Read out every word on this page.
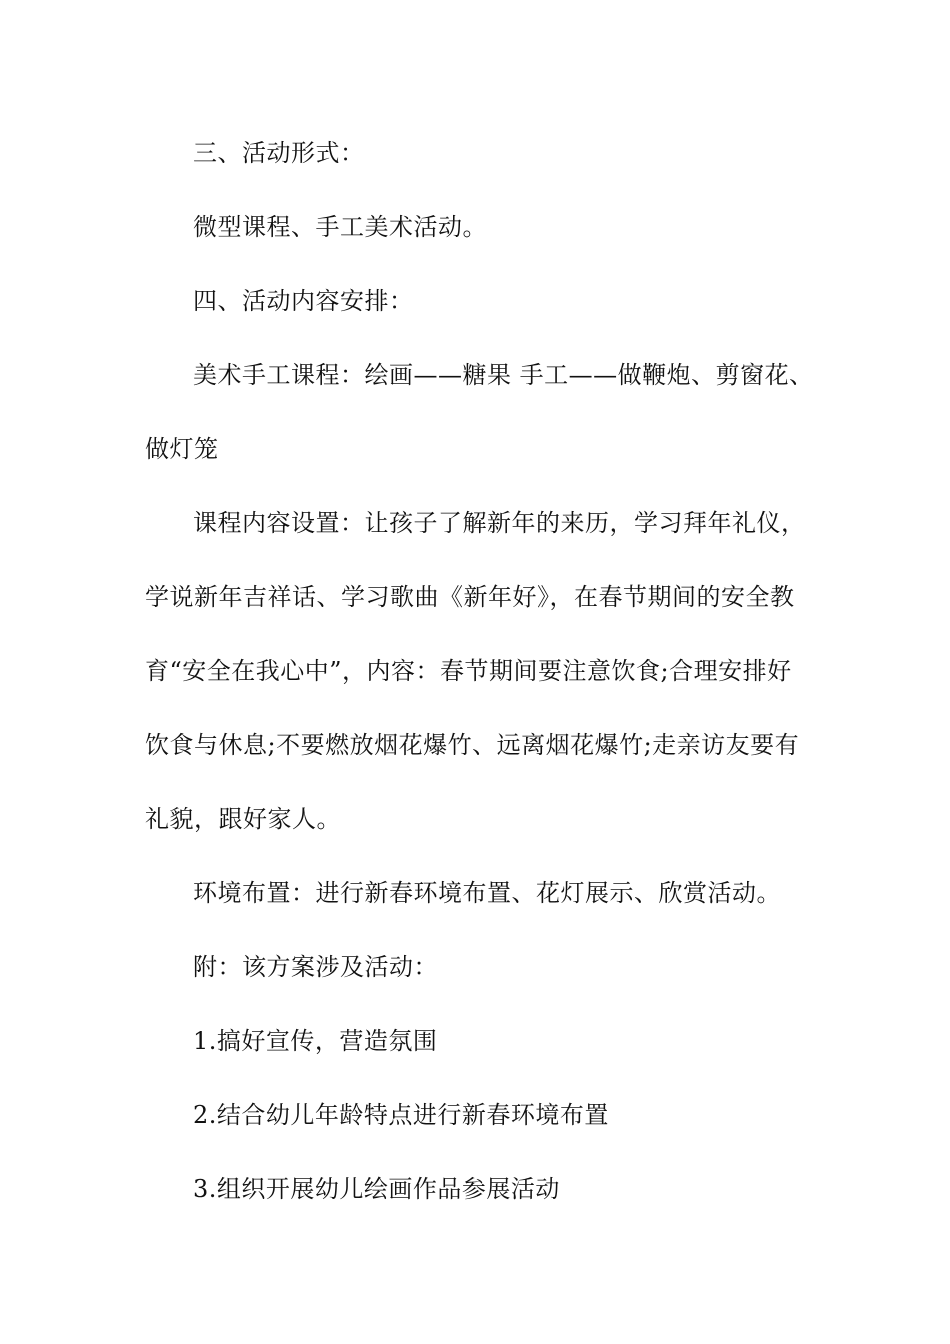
三、活动形式：
微型课程、手工美术活动。
四、活动内容安排：
美术手工课程：绘画——糖果 手工——做鞭炮、剪窗花、
做灯笼
课程内容设置：让孩子了解新年的来历，学习拜年礼仪，
学说新年吉祥话、学习歌曲《新年好》，在春节期间的安全教
育“安全在我心中”，内容：春节期间要注意饮食;合理安排好
饮食与休息;不要燃放烟花爆竹、远离烟花爆竹;走亲访友要有
礼貌，跟好家人。
环境布置：进行新春环境布置、花灯展示、欣赏活动。
附：该方案涉及活动：
1.搞好宣传，营造氛围
2.结合幼儿年龄特点进行新春环境布置
3.组织开展幼儿绘画作品参展活动
